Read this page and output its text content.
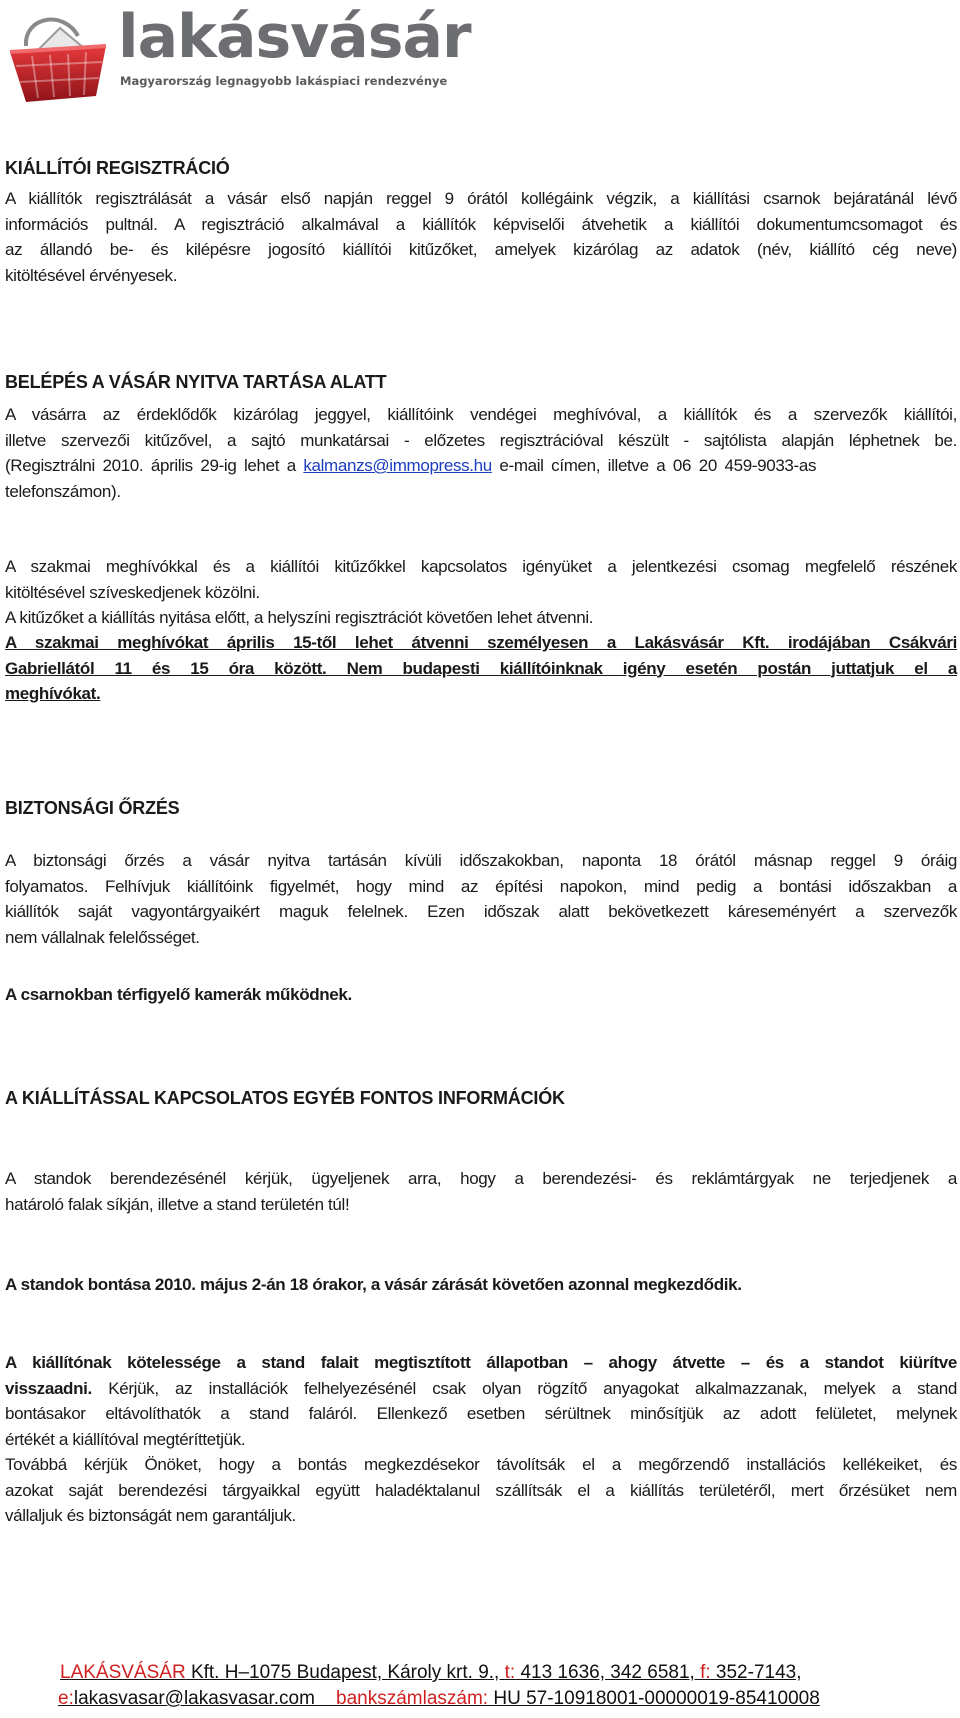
lakásvásár
Magyarország legnagyobb lakáspiaci rendezvénye
KIÁLLÍTÓI REGISZTRÁCIÓ
A kiállítók regisztrálását a vásár első napján reggel 9 órától kollégáink végzik, a kiállítási csarnok bejáratánál lévő
információs pultnál. A regisztráció alkalmával a kiállítók képviselői átvehetik a kiállítói dokumentumcsomagot és
az állandó be- és kilépésre jogosító kiállítói kitűzőket, amelyek kizárólag az adatok (név, kiállító cég neve)
kitöltésével érvényesek.
BELÉPÉS A VÁSÁR NYITVA TARTÁSA ALATT
A vásárra az érdeklődők kizárólag jeggyel, kiállítóink vendégei meghívóval, a kiállítók és a szervezők kiállítói,
illetve szervezői kitűzővel, a sajtó munkatársai - előzetes regisztrációval készült - sajtólista alapján léphetnek be.
(Regisztrálni 2010. április 29-ig lehet a kalmanzs@immopress.hu e-mail címen, illetve a 06 20 459-9033-as
telefonszámon).
A szakmai meghívókkal és a kiállítói kitűzőkkel kapcsolatos igényüket a jelentkezési csomag megfelelő részének
kitöltésével szíveskedjenek közölni.
A kitűzőket a kiállítás nyitása előtt, a helyszíni regisztrációt követően lehet átvenni.
A szakmai meghívókat április 15-től lehet átvenni személyesen a Lakásvásár Kft. irodájában Csákvári
Gabriellától 11 és 15 óra között. Nem budapesti kiállítóinknak igény esetén postán juttatjuk el a
meghívókat.
BIZTONSÁGI ŐRZÉS
A biztonsági őrzés a vásár nyitva tartásán kívüli időszakokban, naponta 18 órától másnap reggel 9 óráig
folyamatos. Felhívjuk kiállítóink figyelmét, hogy mind az építési napokon, mind pedig a bontási időszakban a
kiállítók saját vagyontárgyaikért maguk felelnek. Ezen időszak alatt bekövetkezett káreseményért a szervezők
nem vállalnak felelősséget.
A csarnokban térfigyelő kamerák működnek.
A KIÁLLÍTÁSSAL KAPCSOLATOS EGYÉB FONTOS INFORMÁCIÓK
A standok berendezésénél kérjük, ügyeljenek arra, hogy a berendezési- és reklámtárgyak ne terjedjenek a
határoló falak síkján, illetve a stand területén túl!
A standok bontása 2010. május 2-án 18 órakor, a vásár zárását követően azonnal megkezdődik.
A kiállítónak kötelessége a stand falait megtisztított állapotban – ahogy átvette – és a standot kiürítve
visszaadni. Kérjük, az installációk felhelyezésénél csak olyan rögzítő anyagokat alkalmazzanak, melyek a stand
bontásakor eltávolíthatók a stand faláról. Ellenkező esetben sérültnek minősítjük az adott felületet, melynek
értékét a kiállítóval megtéríttetjük.
Továbbá kérjük Önöket, hogy a bontás megkezdésekor távolítsák el a megőrzendő installációs kellékeiket, és
azokat saját berendezési tárgyaikkal együtt haladéktalanul szállítsák el a kiállítás területéről, mert őrzésüket nem
vállaljuk és biztonságát nem garantáljuk.
LAKÁSVÁSÁR Kft. H–1075 Budapest, Károly krt. 9., t: 413 1636, 342 6581, f: 352-7143,
e:lakasvasar@lakasvasar.com bankszámlaszám: HU 57-10918001-00000019-85410008
